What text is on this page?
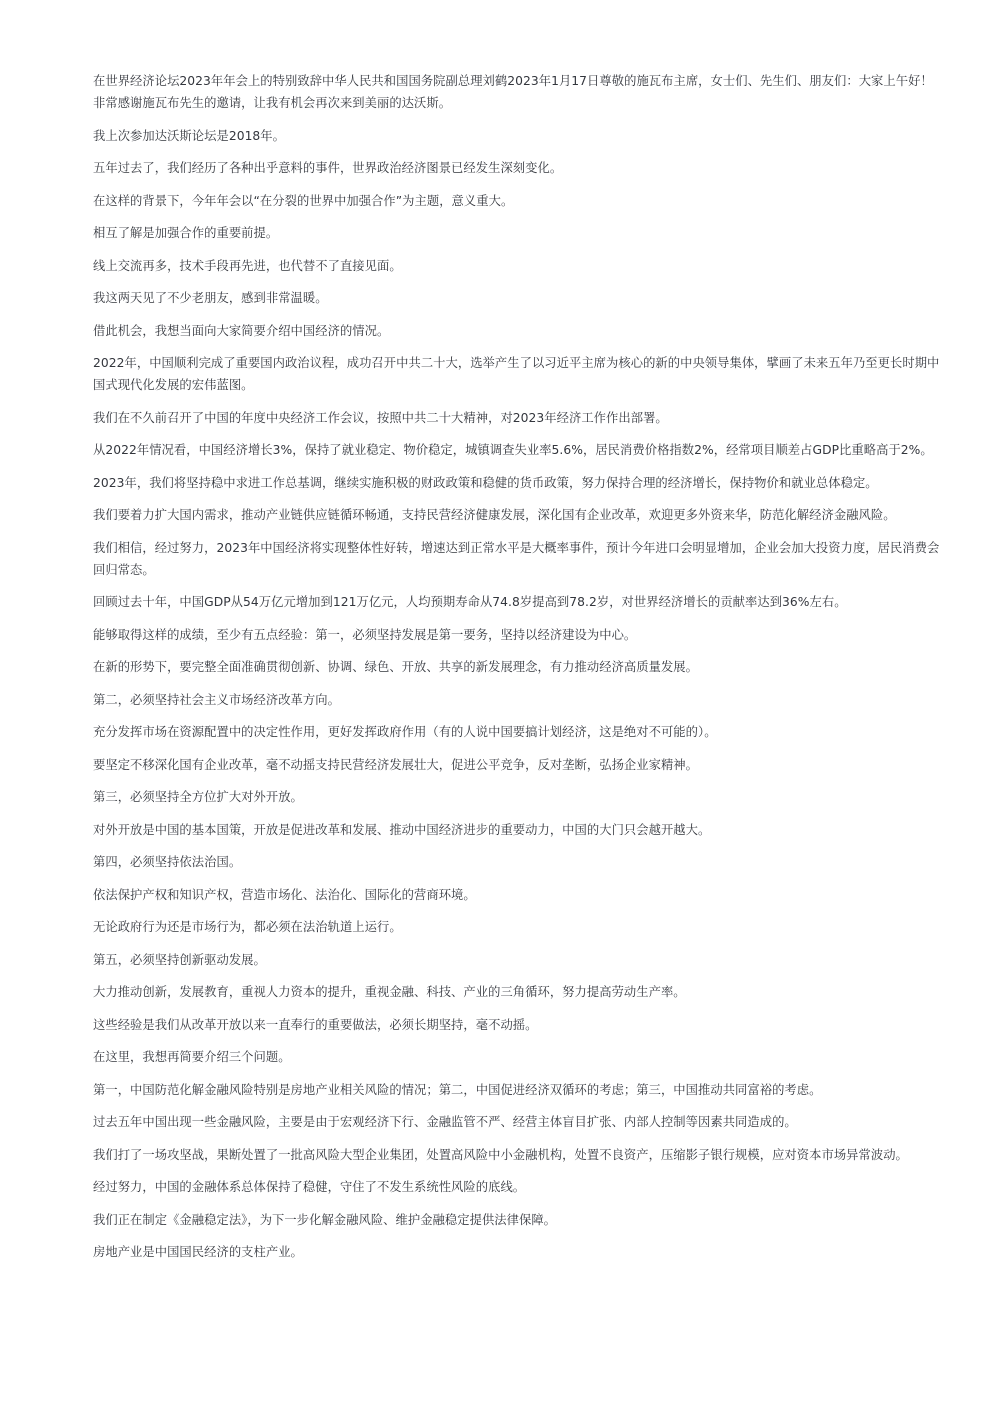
在世界经济论坛2023年年会上的特别致辞中华人民共和国国务院副总理刘鹤2023年1月17日尊敬的施瓦布主席，女士们、先生们、朋友们：大家上午好！非常感谢施瓦布先生的邀请，让我有机会再次来到美丽的达沃斯。

我上次参加达沃斯论坛是2018年。

五年过去了，我们经历了各种出乎意料的事件，世界政治经济图景已经发生深刻变化。

在这样的背景下，今年年会以“在分裂的世界中加强合作”为主题，意义重大。

相互了解是加强合作的重要前提。

线上交流再多，技术手段再先进，也代替不了直接见面。

我这两天见了不少老朋友，感到非常温暖。

借此机会，我想当面向大家简要介绍中国经济的情况。

2022年，中国顺利完成了重要国内政治议程，成功召开中共二十大，选举产生了以习近平主席为核心的新的中央领导集体，擘画了未来五年乃至更长时期中国式现代化发展的宏伟蓝图。

我们在不久前召开了中国的年度中央经济工作会议，按照中共二十大精神，对2023年经济工作作出部署。

从2022年情况看，中国经济增长3%，保持了就业稳定、物价稳定，城镇调查失业率5.6%，居民消费价格指数2%，经常项目顺差占GDP比重略高于2%。

2023年，我们将坚持稳中求进工作总基调，继续实施积极的财政政策和稳健的货币政策，努力保持合理的经济增长，保持物价和就业总体稳定。

我们要着力扩大国内需求，推动产业链供应链循环畅通，支持民营经济健康发展，深化国有企业改革，欢迎更多外资来华，防范化解经济金融风险。

我们相信，经过努力，2023年中国经济将实现整体性好转，增速达到正常水平是大概率事件，预计今年进口会明显增加，企业会加大投资力度，居民消费会回归常态。

回顾过去十年，中国GDP从54万亿元增加到121万亿元，人均预期寿命从74.8岁提高到78.2岁，对世界经济增长的贡献率达到36%左右。

能够取得这样的成绩，至少有五点经验：第一，必须坚持发展是第一要务，坚持以经济建设为中心。

在新的形势下，要完整全面准确贯彻创新、协调、绿色、开放、共享的新发展理念，有力推动经济高质量发展。

第二，必须坚持社会主义市场经济改革方向。

充分发挥市场在资源配置中的决定性作用，更好发挥政府作用（有的人说中国要搞计划经济，这是绝对不可能的）。

要坚定不移深化国有企业改革，毫不动摇支持民营经济发展壮大，促进公平竞争，反对垄断，弘扬企业家精神。

第三，必须坚持全方位扩大对外开放。

对外开放是中国的基本国策，开放是促进改革和发展、推动中国经济进步的重要动力，中国的大门只会越开越大。

第四，必须坚持依法治国。

依法保护产权和知识产权，营造市场化、法治化、国际化的营商环境。

无论政府行为还是市场行为，都必须在法治轨道上运行。

第五，必须坚持创新驱动发展。

大力推动创新，发展教育，重视人力资本的提升，重视金融、科技、产业的三角循环，努力提高劳动生产率。

这些经验是我们从改革开放以来一直奉行的重要做法，必须长期坚持，毫不动摇。

在这里，我想再简要介绍三个问题。

第一，中国防范化解金融风险特别是房地产业相关风险的情况；第二，中国促进经济双循环的考虑；第三，中国推动共同富裕的考虑。

过去五年中国出现一些金融风险，主要是由于宏观经济下行、金融监管不严、经营主体盲目扩张、内部人控制等因素共同造成的。

我们打了一场攻坚战，果断处置了一批高风险大型企业集团，处置高风险中小金融机构，处置不良资产，压缩影子银行规模，应对资本市场异常波动。

经过努力，中国的金融体系总体保持了稳健，守住了不发生系统性风险的底线。

我们正在制定《金融稳定法》，为下一步化解金融风险、维护金融稳定提供法律保障。

房地产业是中国国民经济的支柱产业。
